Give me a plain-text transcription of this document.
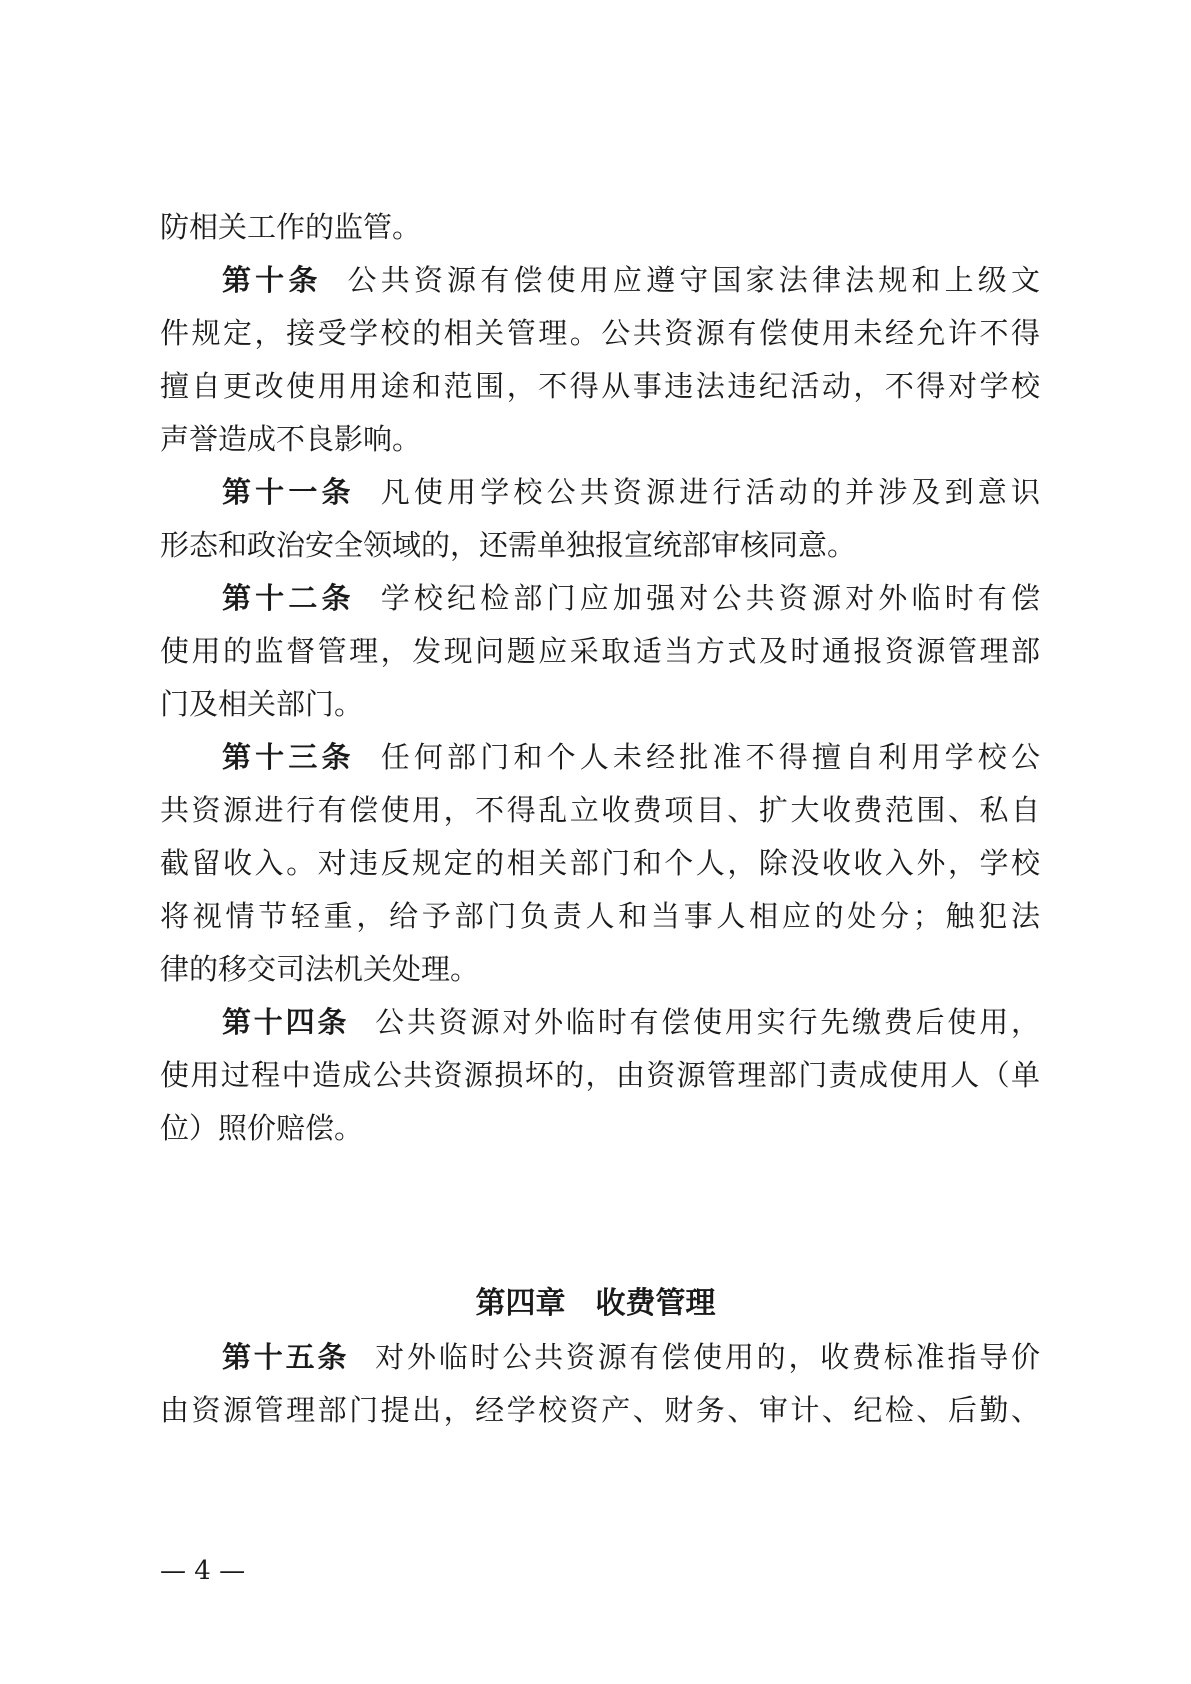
防相关工作的监管。
第十条 公共资源有偿使用应遵守国家法律法规和上级文
件规定，接受学校的相关管理。公共资源有偿使用未经允许不得
擅自更改使用用途和范围，不得从事违法违纪活动，不得对学校
声誉造成不良影响。
第十一条 凡使用学校公共资源进行活动的并涉及到意识
形态和政治安全领域的，还需单独报宣统部审核同意。
第十二条 学校纪检部门应加强对公共资源对外临时有偿
使用的监督管理，发现问题应采取适当方式及时通报资源管理部
门及相关部门。
第十三条 任何部门和个人未经批准不得擅自利用学校公
共资源进行有偿使用，不得乱立收费项目、扩大收费范围、私自
截留收入。对违反规定的相关部门和个人，除没收收入外，学校
将视情节轻重，给予部门负责人和当事人相应的处分；触犯法
律的移交司法机关处理。
第十四条 公共资源对外临时有偿使用实行先缴费后使用，
使用过程中造成公共资源损坏的，由资源管理部门责成使用人（单
位）照价赔偿。
第四章　收费管理
第十五条 对外临时公共资源有偿使用的，收费标准指导价
由资源管理部门提出，经学校资产、财务、审计、纪检、后勤、
— 4 —
